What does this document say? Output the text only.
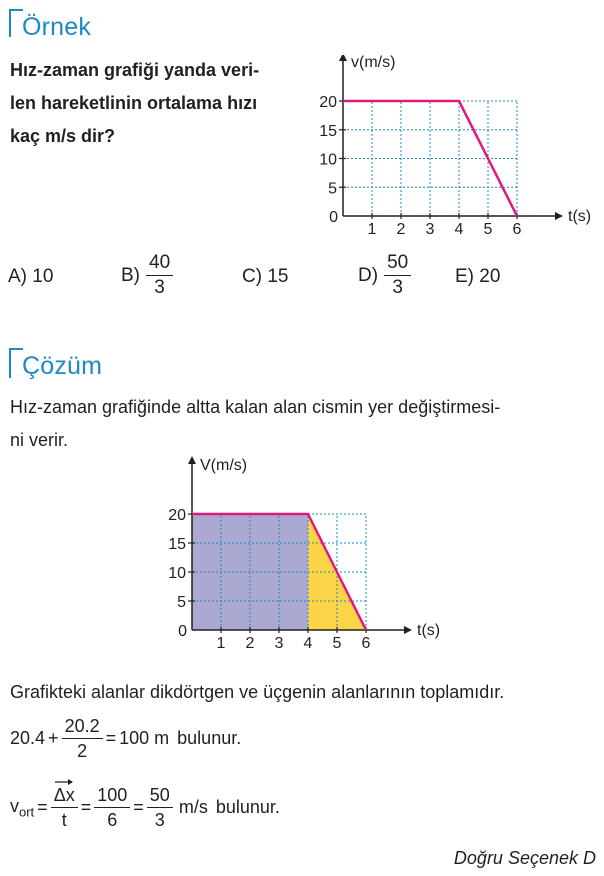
Örnek
Hız-zaman grafiği yanda veri-
len hareketlinin ortalama hızı
kaç m/s dir?
0
5
10
15
20
1 2 3 4 5 6
v(m/s)
t(s)
A) 10	$B) \frac{40}{3}$	C) 15	$D) \frac{50}{3} E$) 20
Çözüm
Hız-zaman grafiğinde altta kalan alan cismin yer değiştirmesi-
ni verir.
0
5
10
15
20
1 2 3 4 5 6
V(m/s)
t(s)
Grafikteki alanlar dikdörtgen ve üçgenin alanlarının toplamıdır.
$20.4 + \frac{20.2}{2} = 100$ m bulunur.
$v_{ort} = \frac{\Delta x}{t} = \frac{100}{6} = \frac{50}{3} m/s$ bulunur.
Doğru Seçenek D
